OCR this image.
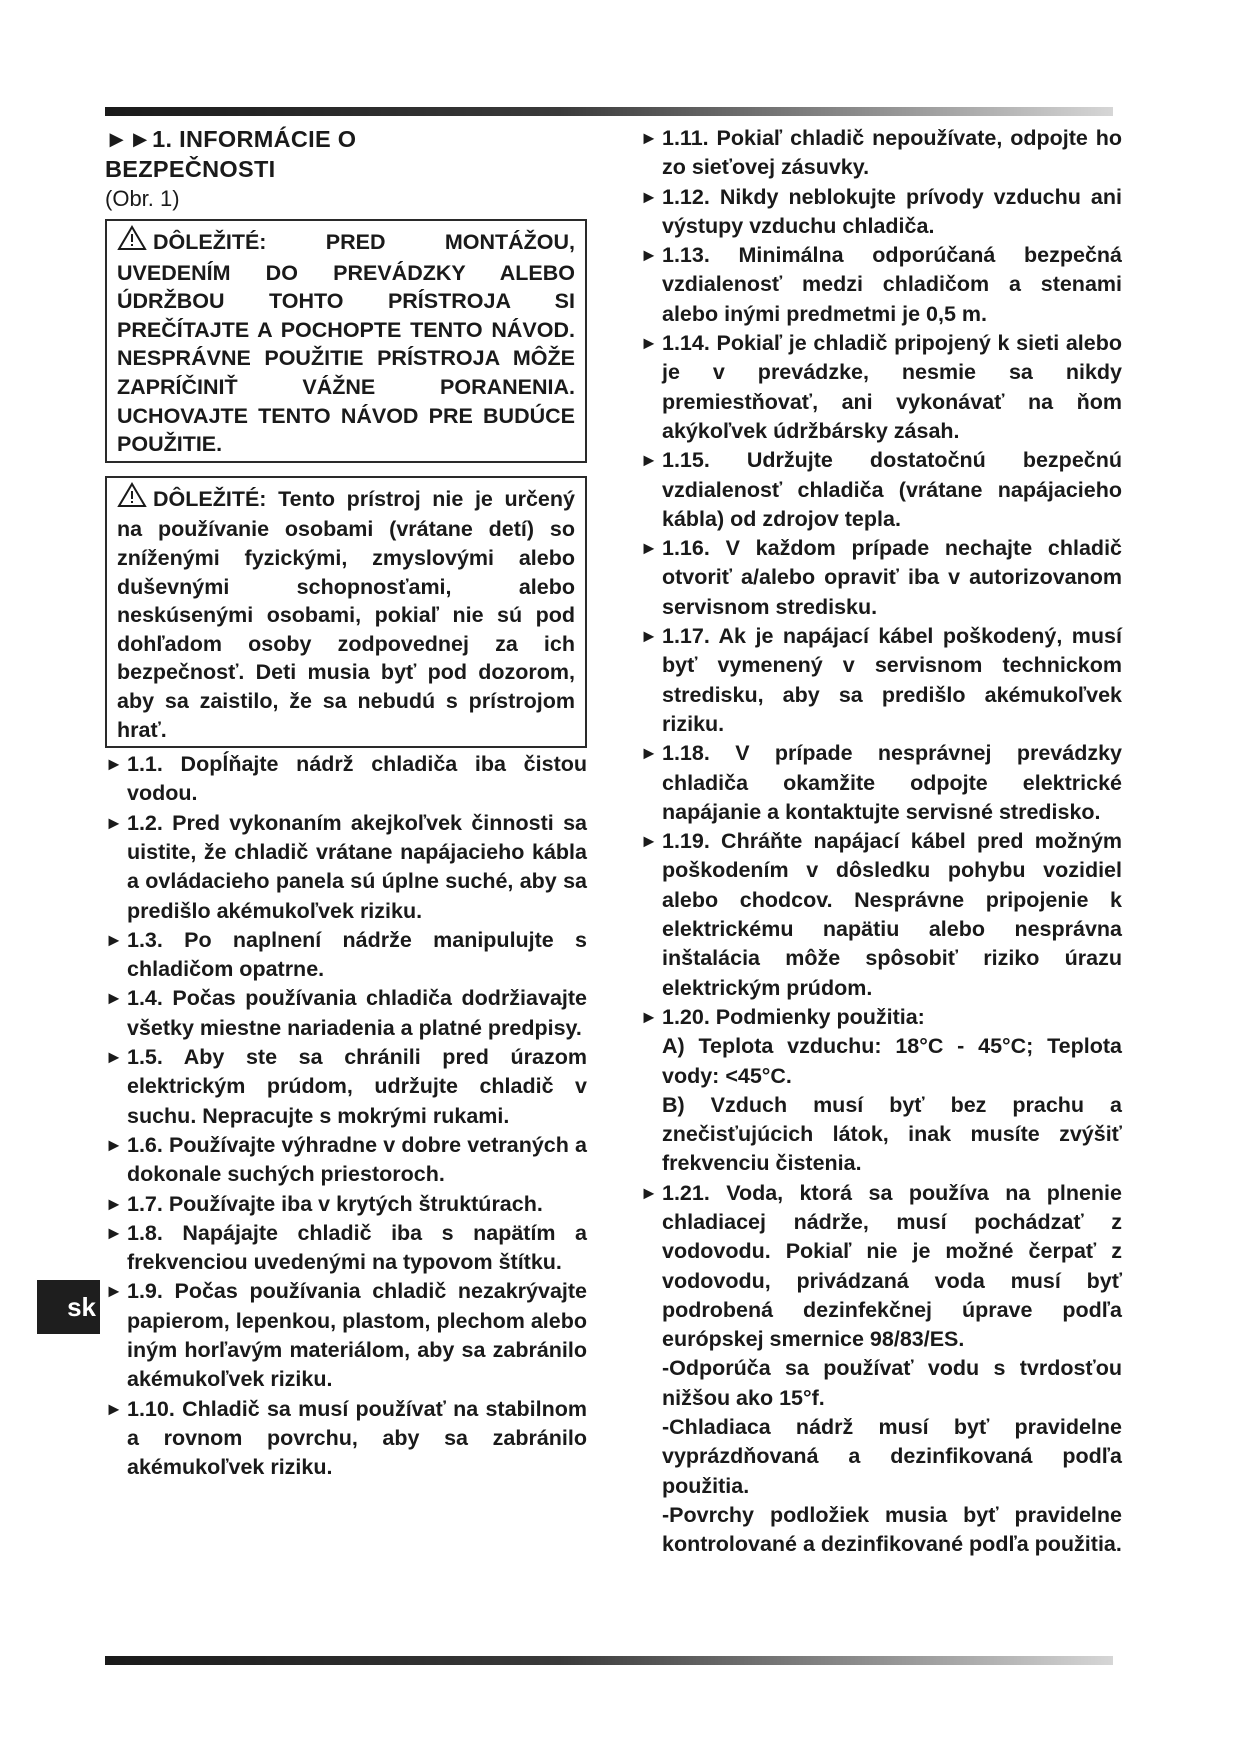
►►1. INFORMÁCIE O
BEZPEČNOSTI
(Obr. 1)
DÔLEŽITÉ:	PRED MONTÁŽOU, UVEDENÍM DO PREVÁDZKY ALEBO ÚDRŽBOU TOHTO PRÍSTROJA SI PREČÍTAJTE A POCHOPTE TENTO NÁVOD. NESPRÁVNE POUŽITIE PRÍSTROJA MÔŽE ZAPRÍČINIŤ VÁŽNE PORANENIA. UCHOVAJTE TENTO NÁVOD PRE BUDÚCE POUŽITIE.
DÔLEŽITÉ: Tento prístroj nie je určený na používanie osobami (vrátane detí) so zníženými fyzickými, zmyslovými alebo duševnými schopnosťami, alebo neskúsenými osobami, pokiaľ nie sú pod dohľadom osoby zodpovednej za ich bezpečnosť. Deti musia byť pod dozorom, aby sa zaistilo, že sa nebudú s prístrojom hrať.
► 1.1. Dopĺňajte nádrž chladiča iba čistou vodou.
► 1.2. Pred vykonaním akejkoľvek činnosti sa uistite, že chladič vrátane napájacieho kábla a ovládacieho panela sú úplne suché, aby sa predišlo akémukoľvek riziku.
► 1.3. Po naplnení nádrže manipulujte s chladičom opatrne.
► 1.4. Počas používania chladiča dodržiavajte všetky miestne nariadenia a platné predpisy.
► 1.5. Aby ste sa chránili pred úrazom elektrickým prúdom, udržujte chladič v suchu. Nepracujte s mokrými rukami.
► 1.6. Používajte výhradne v dobre vetraných a dokonale suchých priestoroch.
► 1.7. Používajte iba v krytých štruktúrach.
► 1.8. Napájajte chladič iba s napätím a frekvenciou uvedenými na typovom štítku.
► 1.9. Počas používania chladič nezakrývajte papierom, lepenkou, plastom, plechom alebo iným horľavým materiálom, aby sa zabránilo akémukoľvek riziku.
► 1.10. Chladič sa musí používať na stabilnom a rovnom povrchu, aby sa zabránilo akémukoľvek riziku.
► 1.11. Pokiaľ chladič nepoužívate, odpojte ho zo sieťovej zásuvky.
► 1.12. Nikdy neblokujte prívody vzduchu ani výstupy vzduchu chladiča.
► 1.13. Minimálna odporúčaná bezpečná vzdialenosť medzi chladičom a stenami alebo inými predmetmi je 0,5 m.
► 1.14. Pokiaľ je chladič pripojený k sieti alebo je v prevádzke, nesmie sa nikdy premiestňovať, ani vykonávať na ňom akýkoľvek údržbársky zásah.
► 1.15. Udržujte dostatočnú bezpečnú vzdialenosť chladiča (vrátane napájacieho kábla) od zdrojov tepla.
► 1.16. V každom prípade nechajte chladič otvoriť a/alebo opraviť iba v autorizovanom servisnom stredisku.
► 1.17. Ak je napájací kábel poškodený, musí byť vymenený v servisnom technickom stredisku, aby sa predišlo akémukoľvek riziku.
► 1.18. V prípade nesprávnej prevádzky chladiča okamžite odpojte elektrické napájanie a kontaktujte servisné stredisko.
► 1.19. Chráňte napájací kábel pred možným poškodením v dôsledku pohybu vozidiel alebo chodcov. Nesprávne pripojenie k elektrickému napätiu alebo nesprávna inštalácia môže spôsobiť riziko úrazu elektrickým prúdom.
► 1.20. Podmienky použitia:
A) Teplota vzduchu: 18°C - 45°C; Teplota vody: <45°C.
B) Vzduch musí byť bez prachu a znečisťujúcich látok, inak musíte zvýšiť frekvenciu čistenia.
► 1.21. Voda, ktorá sa používa na plnenie chladiacej nádrže, musí pochádzať z vodovodu. Pokiaľ nie je možné čerpať z vodovodu, privádzaná voda musí byť podrobená dezinfekčnej úprave podľa európskej smernice 98/83/ES.
-Odporúča sa používať vodu s tvrdosťou nižšou ako 15°f.
-Chladiaca nádrž musí byť pravidelne vyprázdňovaná a dezinfikovaná podľa použitia.
-Povrchy podložiek musia byť pravidelne kontrolované a dezinfikované podľa použitia.
sk
